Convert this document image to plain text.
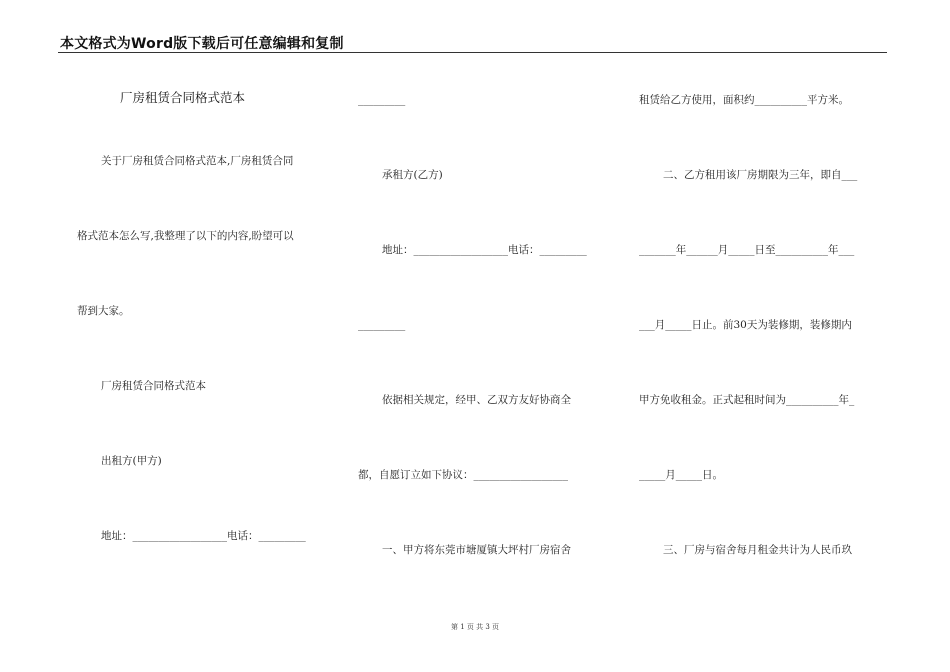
本文格式为Word版下载后可任意编辑和复制
厂房租赁合同格式范本
关于厂房租赁合同格式范本,厂房租赁合同
格式范本怎么写,我整理了以下的内容,盼望可以
帮到大家。
厂房租赁合同格式范本
出租方(甲方)
地址：__________________电话：_________
_________
承租方(乙方)
地址：__________________电话：_________
_________
依据相关规定，经甲、乙双方友好协商全
都，自愿订立如下协议：__________________
一、甲方将东莞市塘厦镇大坪村厂房宿舍
租赁给乙方使用，面积约__________平方米。
二、乙方租用该厂房期限为三年，即自___
_______年______月_____日至__________年___
___月_____日止。前30天为装修期，装修期内
甲方免收租金。正式起租时间为__________年_
_____月_____日。
三、厂房与宿舍每月租金共计为人民币玖
第 1 页 共 3 页
